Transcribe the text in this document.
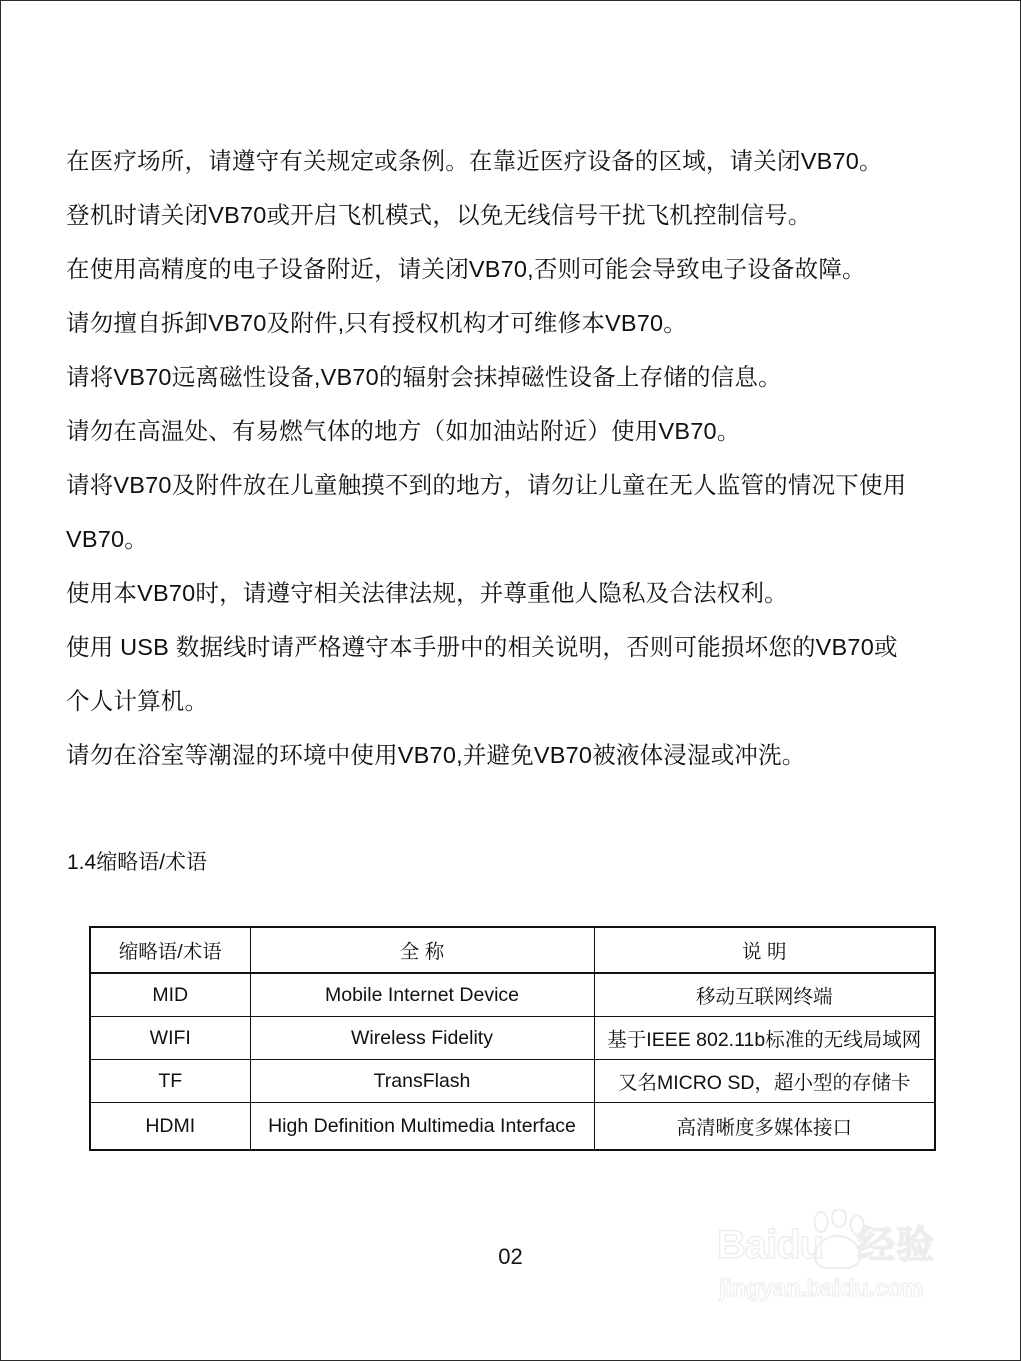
在医疗场所，请遵守有关规定或条例。在靠近医疗设备的区域，请关闭VB70。
登机时请关闭VB70或开启飞机模式，以免无线信号干扰飞机控制信号。
在使用高精度的电子设备附近，请关闭VB70,否则可能会导致电子设备故障。
请勿擅自拆卸VB70及附件,只有授权机构才可维修本VB70。
请将VB70远离磁性设备,VB70的辐射会抹掉磁性设备上存储的信息。
请勿在高温处、有易燃气体的地方（如加油站附近）使用VB70。
请将VB70及附件放在儿童触摸不到的地方，请勿让儿童在无人监管的情况下使用
VB70。
使用本VB70时，请遵守相关法律法规，并尊重他人隐私及合法权利。
使用 USB 数据线时请严格遵守本手册中的相关说明，否则可能损坏您的VB70或
个人计算机。
请勿在浴室等潮湿的环境中使用VB70,并避免VB70被液体浸湿或冲洗。
1.4缩略语/术语
缩略语/术语	全 称	说 明
MID	Mobile Internet Device	移动互联网终端
WIFI	Wireless Fidelity	基于IEEE 802.11b标准的无线局域网
TF	TransFlash	又名MICRO SD，超小型的存储卡
HDMI	High Definition Multimedia Interface	高清晰度多媒体接口
02	Baidu 经验
jingyan.baidu.com
